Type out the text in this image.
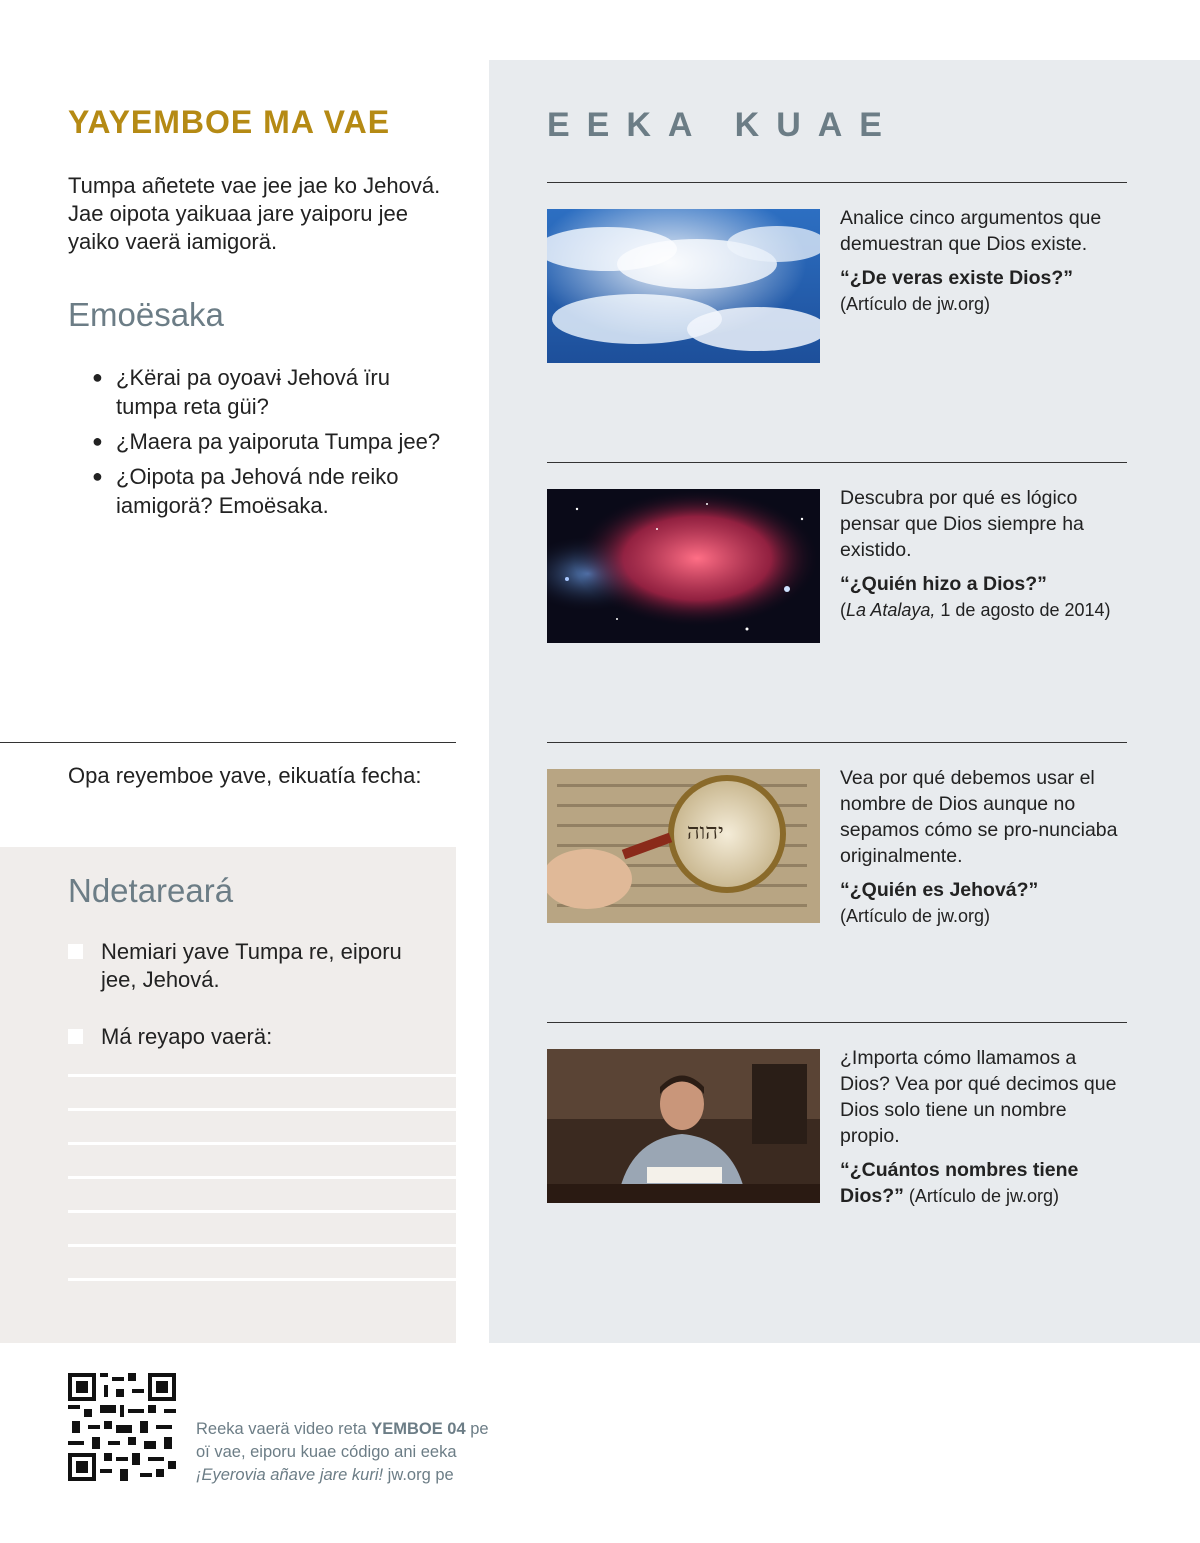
YAYEMBOE MA VAE
Tumpa añetete vae jee jae ko Jehová. Jae oipota yaikuaa jare yaiporu jee yaiko vaerä iamigorä.
Emoësaka
● ¿Kërai pa oyoavɨ Jehová ïru tumpa reta güi?
● ¿Maera pa yaiporuta Tumpa jee?
● ¿Oipota pa Jehová nde reiko iamigorä? Emoësaka.
Opa reyemboe yave, eikuatía fecha:
Ndetareará
Nemiari yave Tumpa re, eiporu jee, Jehová.
Má reyapo vaerä:
EEKA KUAE
Analice cinco argumentos que demuestran que Dios existe.
“¿De veras existe Dios?”
(Artículo de jw.org)
Descubra por qué es lógico pensar que Dios siempre ha existido.
“¿Quién hizo a Dios?”
(La Atalaya, 1 de agosto de 2014)
יהוה
Vea por qué debemos usar el nombre de Dios aunque no sepamos cómo se pro-nunciaba originalmente.
“¿Quién es Jehová?”
(Artículo de jw.org)
¿Importa cómo llamamos a Dios? Vea por qué decimos que Dios solo tiene un nombre propio.
“¿Cuántos nombres tiene Dios?” (Artículo de jw.org)
Reeka vaerä video reta YEMBOE 04 pe
oï vae, eiporu kuae código ani eeka
¡Eyerovia añave jare kuri! jw.org pe
